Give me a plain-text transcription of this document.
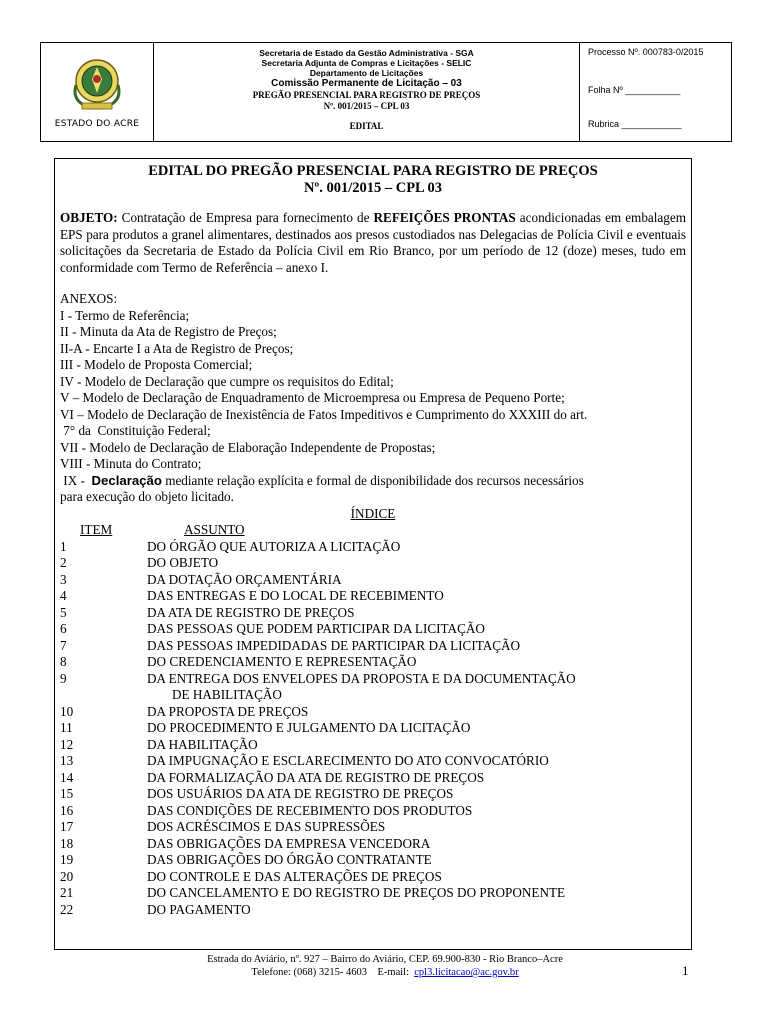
ESTADO DO ACRE
Secretaria de Estado da Gestão Administrativa - SGA
Secretaria Adjunta de Compras e Licitações - SELIC
Departamento de Licitações
Comissão Permanente de Licitação – 03
PREGÃO PRESENCIAL PARA REGISTRO DE PREÇOS
Nº. 001/2015 – CPL 03
EDITAL
Processo Nº. 000783-0/2015
Folha Nº ___________
Rubrica ____________
EDITAL DO PREGÃO PRESENCIAL PARA REGISTRO DE PREÇOS
Nº. 001/2015 – CPL 03
OBJETO: Contratação de Empresa para fornecimento de REFEIÇÕES PRONTAS acondicionadas em embalagem EPS para produtos a granel alimentares, destinados aos presos custodiados nas Delegacias de Polícia Civil e eventuais solicitações da Secretaria de Estado da Polícia Civil em Rio Branco, por um período de 12 (doze) meses, tudo em conformidade com Termo de Referência – anexo I.
ANEXOS:
I - Termo de Referência;
II - Minuta da Ata de Registro de Preços;
II-A - Encarte I a Ata de Registro de Preços;
III - Modelo de Proposta Comercial;
IV - Modelo de Declaração que cumpre os requisitos do Edital;
V – Modelo de Declaração de Enquadramento de Microempresa ou Empresa de Pequeno Porte;
VI – Modelo de Declaração de Inexistência de Fatos Impeditivos e Cumprimento do XXXIII do art.
7° da  Constituição Federal;
VII - Modelo de Declaração de Elaboração Independente de Propostas;
VIII - Minuta do Contrato;
IX -  Declaração mediante relação explícita e formal de disponibilidade dos recursos necessários
para execução do objeto licitado.
ÍNDICE
ITEM	ASSUNTO
1	DO ÓRGÃO QUE AUTORIZA A LICITAÇÃO
2	DO OBJETO
3	DA DOTAÇÃO ORÇAMENTÁRIA
4	DAS ENTREGAS E DO LOCAL DE RECEBIMENTO
5	DA ATA DE REGISTRO DE PREÇOS
6	DAS PESSOAS QUE PODEM PARTICIPAR DA LICITAÇÃO
7	DAS PESSOAS IMPEDIDADAS DE PARTICIPAR DA LICITAÇÃO
8	DO CREDENCIAMENTO E REPRESENTAÇÃO
9	DA ENTREGA DOS ENVELOPES DA PROPOSTA E DA DOCUMENTAÇÃO
DE HABILITAÇÃO
10	DA PROPOSTA DE PREÇOS
11	DO PROCEDIMENTO E JULGAMENTO DA LICITAÇÃO
12	DA HABILITAÇÃO
13	DA IMPUGNAÇÃO E ESCLARECIMENTO DO ATO CONVOCATÓRIO
14	DA FORMALIZAÇÃO DA ATA DE REGISTRO DE PREÇOS
15	DOS USUÁRIOS DA ATA DE REGISTRO DE PREÇOS
16	DAS CONDIÇÕES DE RECEBIMENTO DOS PRODUTOS
17	DOS ACRÉSCIMOS E DAS SUPRESSÕES
18	DAS OBRIGAÇÕES DA EMPRESA VENCEDORA
19	DAS OBRIGAÇÕES DO ÓRGÃO CONTRATANTE
20	DO CONTROLE E DAS ALTERAÇÕES DE PREÇOS
21	DO CANCELAMENTO E DO REGISTRO DE PREÇOS DO PROPONENTE
22	DO PAGAMENTO
Estrada do Aviário, nº. 927 – Bairro do Aviário, CEP. 69.900-830 - Rio Branco–Acre
Telefone: (068) 3215- 4603    E-mail:  cpl3.licitacao@ac.gov.br	1
